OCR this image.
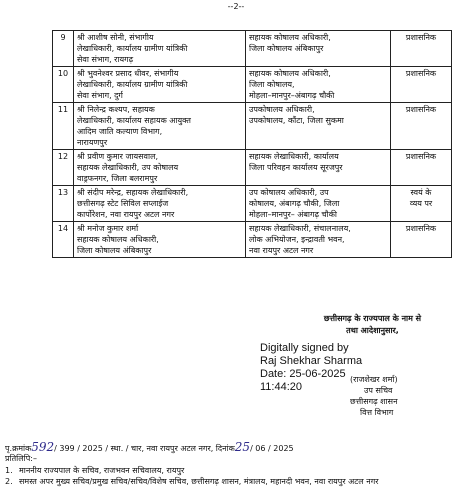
--2--
9	श्री आशीष सोनी, संभागीय
लेखाधिकारी, कार्यालय ग्रामीण यांत्रिकी
सेवा संभाग, रायगढ़	सहायक कोषालय अधिकारी,
जिला कोषालय अंबिकापुर	प्रशासनिक

10	श्री भुवनेश्वर प्रसाद धीवर, संभागीय
लेखाधिकारी, कार्यालय ग्रामीण यांत्रिकी
सेवा संभाग, दुर्ग	सहायक कोषालय अधिकारी,
जिला कोषालय,
मोहला–मानपुर–अंबागढ़ चौकी	प्रशासनिक

11	श्री निलेन्द्र कश्यप, सहायक
लेखाधिकारी, कार्यालय सहायक आयुक्त
आदिम जाति कल्याण विभाग,
नारायणपुर	उपकोषालय अधिकारी,
उपकोषालय, कौंटा, जिला सुकमा	प्रशासनिक

12	श्री प्रवीण कुमार जायसवाल,
सहायक लेखाधिकारी, उप कोषालय
वाड्रफनगर, जिला बलरामपुर	सहायक लेखाधिकारी, कार्यालय
जिला परिवहन कार्यालय सूरजपुर	प्रशासनिक

13	श्री संदीप मरेन्द्र, सहायक लेखाधिकारी,
छत्तीसगढ़ स्टेट सिविल सप्लाईज
कार्पोरेशन, नवा रायपुर अटल नगर	उप कोषालय अधिकारी, उप
कोषालय, अंबागढ़ चौकी, जिला
मोहला–मानपुर– अंबागढ़ चौकी	स्वयं के
व्यय पर

14	श्री मनोज कुमार शर्मा
सहायक कोषालय अधिकारी,
जिला कोषालय अंबिकापुर	सहायक लेखाधिकारी, संचालनालय,
लोक अभियोजन, इन्द्रावती भवन,
नवा रायपुर अटल नगर	प्रशासनिक
छत्तीसगढ़ के राज्यपाल के नाम से
तथा आदेशानुसार,
Digitally signed by
Raj Shekhar Sharma
Date: 25-06-2025
11:44:20
(राजशेखर शर्मा)
उप सचिव
छत्तीसगढ़ शासन
वित्त विभाग
पृ.क्रमांक592/ 399 / 2025 / स्था. / चार, नवा रायपुर अटल नगर, दिनांक25/ 06 / 2025
प्रतिलिपि:–
1. माननीय राज्यपाल के सचिव, राजभवन सचिवालय, रायपुर
2. समस्त अपर मुख्य सचिव/प्रमुख सचिव/सचिव/विशेष सचिव, छत्तीसगढ़ शासन, मंत्रालय, महानदी भवन, नवा रायपुर अटल नगर
